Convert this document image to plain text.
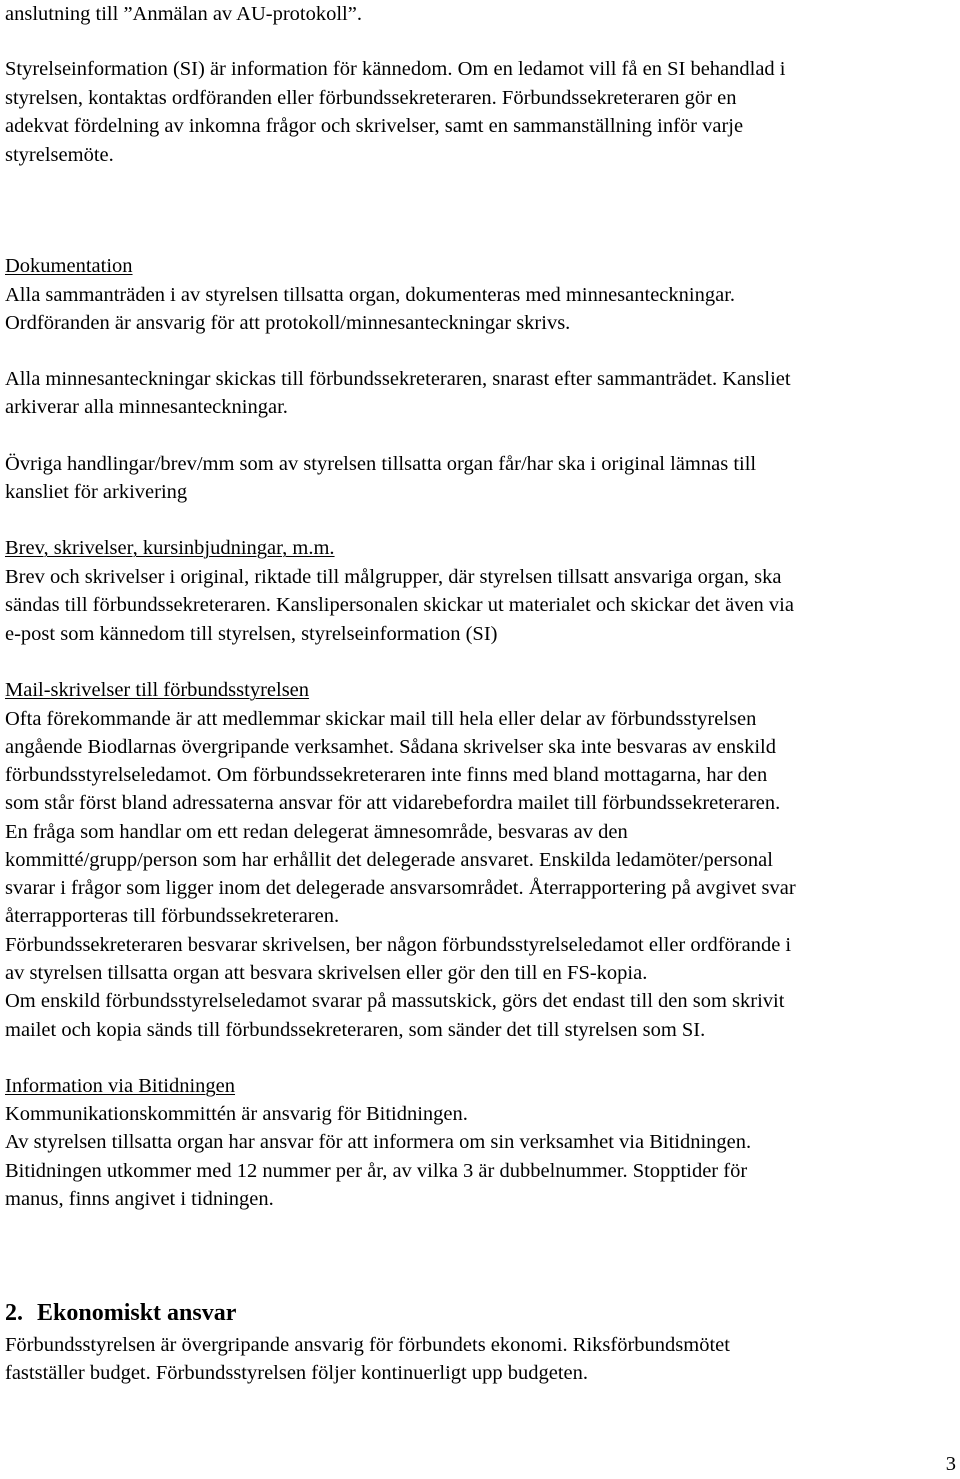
anslutning till ”Anmälan av AU-protokoll”.

Styrelseinformation (SI) är information för kännedom. Om en ledamot vill få en SI behandlad i

styrelsen, kontaktas ordföranden eller förbundssekreteraren. Förbundssekreteraren gör en

adekvat fördelning av inkomna frågor och skrivelser, samt en sammanställning inför varje

styrelsemöte.

Dokumentation

Alla sammanträden i av styrelsen tillsatta organ, dokumenteras med minnesanteckningar.

Ordföranden är ansvarig för att protokoll/minnesanteckningar skrivs.

Alla minnesanteckningar skickas till förbundssekreteraren, snarast efter sammanträdet. Kansliet

arkiverar alla minnesanteckningar.

Övriga handlingar/brev/mm som av styrelsen tillsatta organ får/har ska i original lämnas till

kansliet för arkivering

Brev, skrivelser, kursinbjudningar, m.m.

Brev och skrivelser i original, riktade till målgrupper, där styrelsen tillsatt ansvariga organ, ska

sändas till förbundssekreteraren. Kanslipersonalen skickar ut materialet och skickar det även via

e-post som kännedom till styrelsen, styrelseinformation (SI)

Mail-skrivelser till förbundsstyrelsen

Ofta förekommande är att medlemmar skickar mail till hela eller delar av förbundsstyrelsen

angående Biodlarnas övergripande verksamhet. Sådana skrivelser ska inte besvaras av enskild

förbundsstyrelseledamot. Om förbundssekreteraren inte finns med bland mottagarna, har den

som står först bland adressaterna ansvar för att vidarebefordra mailet till förbundssekreteraren.

En fråga som handlar om ett redan delegerat ämnesområde, besvaras av den

kommitté/grupp/person som har erhållit det delegerade ansvaret. Enskilda ledamöter/personal

svarar i frågor som ligger inom det delegerade ansvarsområdet. Återrapportering på avgivet svar

återrapporteras till förbundssekreteraren.

Förbundssekreteraren besvarar skrivelsen, ber någon förbundsstyrelseledamot eller ordförande i

av styrelsen tillsatta organ att besvara skrivelsen eller gör den till en FS-kopia.

Om enskild förbundsstyrelseledamot svarar på massutskick, görs det endast till den som skrivit

mailet och kopia sänds till förbundssekreteraren, som sänder det till styrelsen som SI.

Information via Bitidningen

Kommunikationskommittén är ansvarig för Bitidningen.

Av styrelsen tillsatta organ har ansvar för att informera om sin verksamhet via Bitidningen.

Bitidningen utkommer med 12 nummer per år, av vilka 3 är dubbelnummer. Stopptider för

manus, finns angivet i tidningen.

2. Ekonomiskt ansvar

Förbundsstyrelsen är övergripande ansvarig för förbundets ekonomi. Riksförbundsmötet

fastställer budget. Förbundsstyrelsen följer kontinuerligt upp budgeten.

3
